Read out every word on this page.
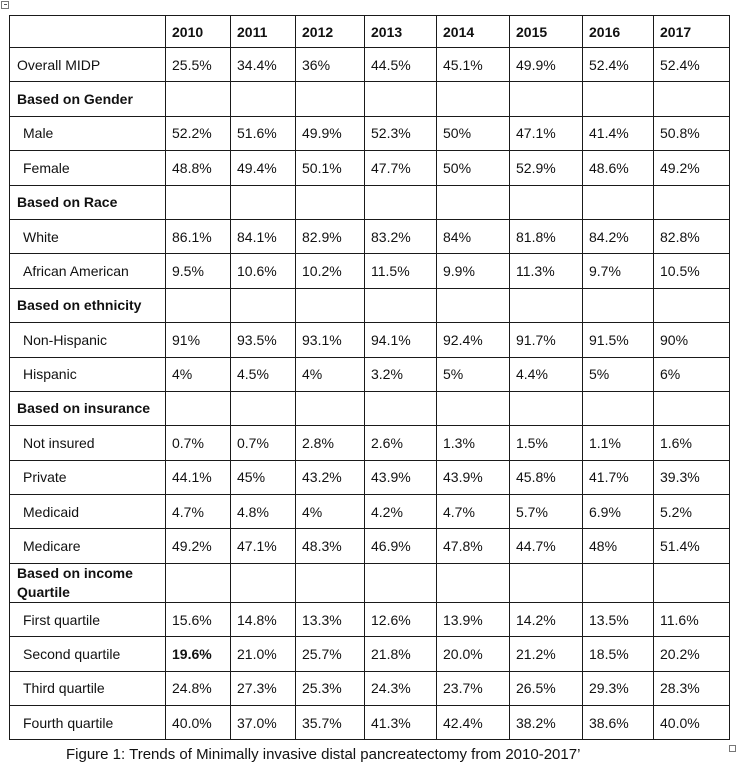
	2010	2011	2012	2013	2014	2015	2016	2017
Overall MIDP	25.5%	34.4%	36%	44.5%	45.1%	49.9%	52.4%	52.4%
Based on Gender								
Male	52.2%	51.6%	49.9%	52.3%	50%	47.1%	41.4%	50.8%
Female	48.8%	49.4%	50.1%	47.7%	50%	52.9%	48.6%	49.2%
Based on Race								
White	86.1%	84.1%	82.9%	83.2%	84%	81.8%	84.2%	82.8%
African American	9.5%	10.6%	10.2%	11.5%	9.9%	11.3%	9.7%	10.5%
Based on ethnicity								
Non-Hispanic	91%	93.5%	93.1%	94.1%	92.4%	91.7%	91.5%	90%
Hispanic	4%	4.5%	4%	3.2%	5%	4.4%	5%	6%
Based on insurance								
Not insured	0.7%	0.7%	2.8%	2.6%	1.3%	1.5%	1.1%	1.6%
Private	44.1%	45%	43.2%	43.9%	43.9%	45.8%	41.7%	39.3%
Medicaid	4.7%	4.8%	4%	4.2%	4.7%	5.7%	6.9%	5.2%
Medicare	49.2%	47.1%	48.3%	46.9%	47.8%	44.7%	48%	51.4%
Based on income Quartile								
First quartile	15.6%	14.8%	13.3%	12.6%	13.9%	14.2%	13.5%	11.6%
Second quartile	19.6%	21.0%	25.7%	21.8%	20.0%	21.2%	18.5%	20.2%
Third quartile	24.8%	27.3%	25.3%	24.3%	23.7%	26.5%	29.3%	28.3%
Fourth quartile	40.0%	37.0%	35.7%	41.3%	42.4%	38.2%	38.6%	40.0%
Figure 1: Trends of Minimally invasive distal pancreatectomy from 2010-2017’
